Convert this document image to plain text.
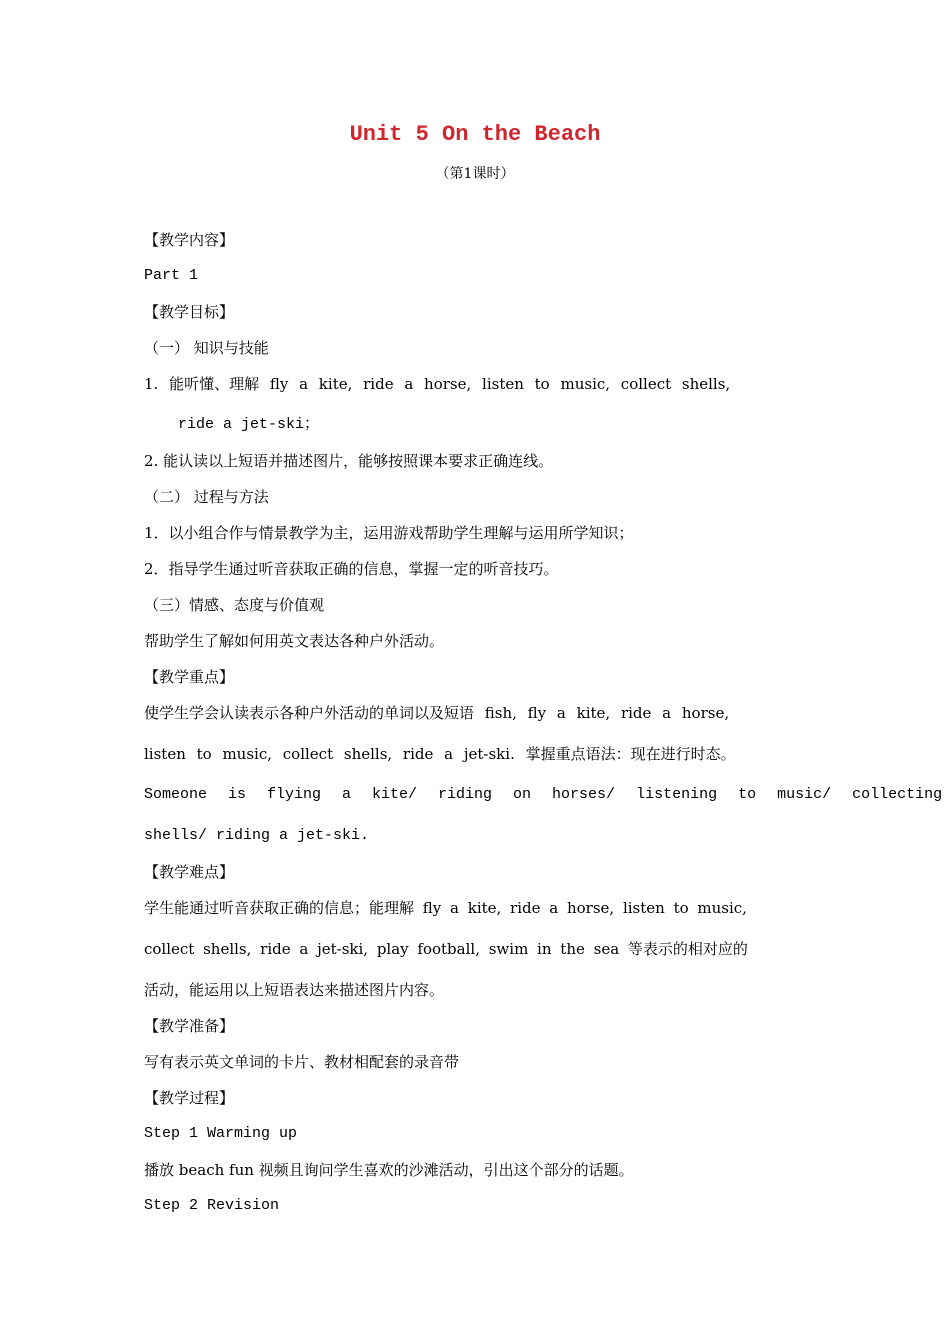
Unit 5 On the Beach
（第1课时）
【教学内容】
Part 1
【教学目标】
（一） 知识与技能
1. 能听懂、理解 fly a kite, ride a horse, listen to music, collect shells,
ride a jet-ski；
2. 能认读以上短语并描述图片，能够按照课本要求正确连线。
（二） 过程与方法
1．以小组合作与情景教学为主，运用游戏帮助学生理解与运用所学知识；
2．指导学生通过听音获取正确的信息，掌握一定的听音技巧。
（三）情感、态度与价值观
帮助学生了解如何用英文表达各种户外活动。
【教学重点】
使学生学会认读表示各种户外活动的单词以及短语 fish, fly a kite, ride a horse,
listen to music, collect shells, ride a jet-ski. 掌握重点语法：现在进行时态。
Someone is flying a kite/ riding on horses/ listening to music/ collecting
shells/ riding a jet-ski.
【教学难点】
学生能通过听音获取正确的信息；能理解 fly a kite, ride a horse, listen to music,
collect shells, ride a jet-ski, play football, swim in the sea 等表示的相对应的
活动，能运用以上短语表达来描述图片内容。
【教学准备】
写有表示英文单词的卡片、教材相配套的录音带
【教学过程】
Step 1 Warming up
播放 beach fun 视频且询问学生喜欢的沙滩活动，引出这个部分的话题。
Step 2 Revision
